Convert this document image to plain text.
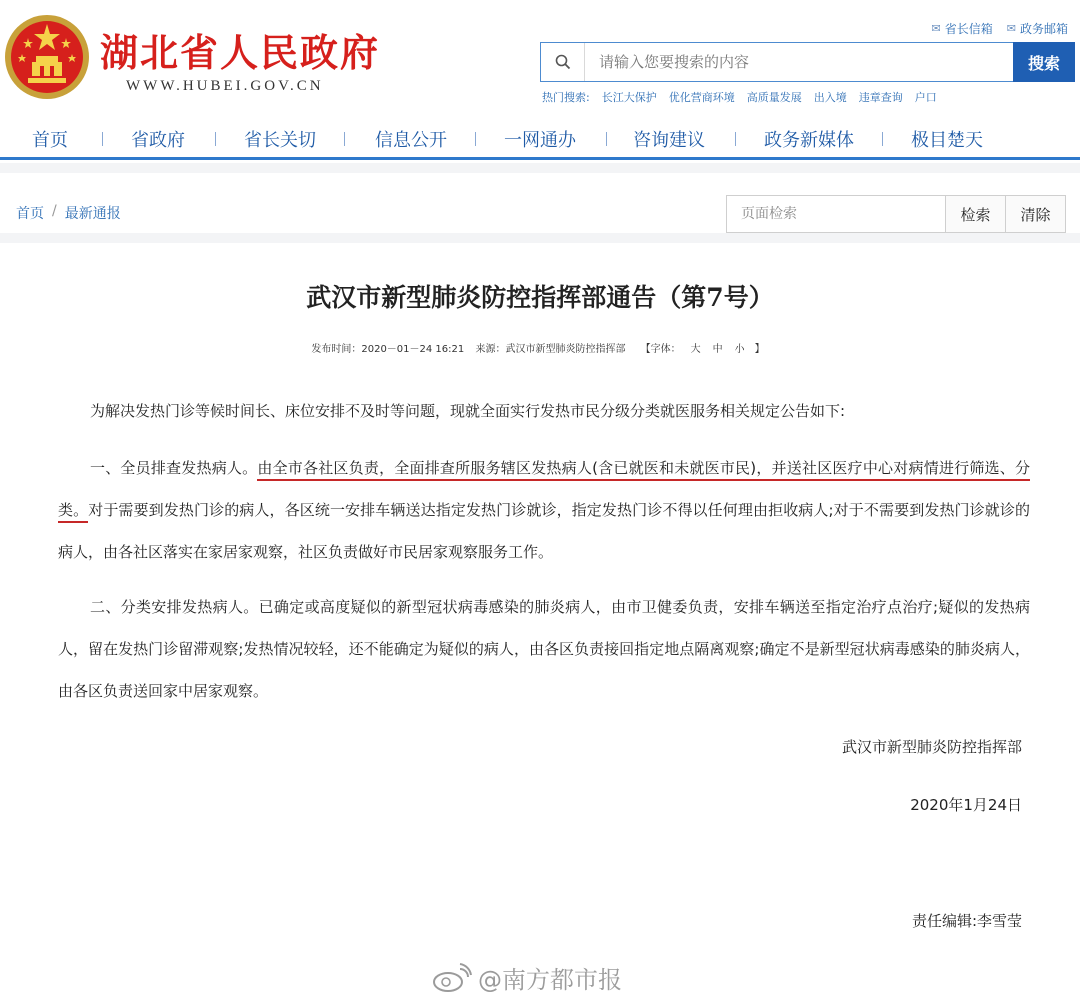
湖北省人民政府
WWW.HUBEI.GOV.CN
✉ 省长信箱 ✉ 政务邮箱
请输入您要搜索的内容
搜索
热门搜索: 长江大保护 优化营商环境 高质量发展 出入境 违章查询 户口
首页	省政府	省长关切	信息公开	一网通办	咨询建议	政务新媒体	极目楚天
首页 / 最新通报
页面检索	检索	清除
武汉市新型肺炎防控指挥部通告（第7号）
发布时间：2020－01－24 16:21 来源：武汉市新型肺炎防控指挥部 【字体： 大 中 小 】
为解决发热门诊等候时间长、床位安排不及时等问题，现就全面实行发热市民分级分类就医服务相关规定公告如下:
一、全员排查发热病人。由全市各社区负责，全面排查所服务辖区发热病人(含已就医和未就医市民)，并送社区医疗中心对病情进行筛选、分类。对于需要到发热门诊的病人，各区统一安排车辆送达指定发热门诊就诊，指定发热门诊不得以任何理由拒收病人;对于不需要到发热门诊就诊的病人，由各社区落实在家居家观察，社区负责做好市民居家观察服务工作。
二、分类安排发热病人。已确定或高度疑似的新型冠状病毒感染的肺炎病人，由市卫健委负责，安排车辆送至指定治疗点治疗;疑似的发热病人，留在发热门诊留滞观察;发热情况较轻，还不能确定为疑似的病人，由各区负责接回指定地点隔离观察;确定不是新型冠状病毒感染的肺炎病人，由各区负责送回家中居家观察。
武汉市新型肺炎防控指挥部
2020年1月24日
责任编辑:李雪莹
@南方都市报
